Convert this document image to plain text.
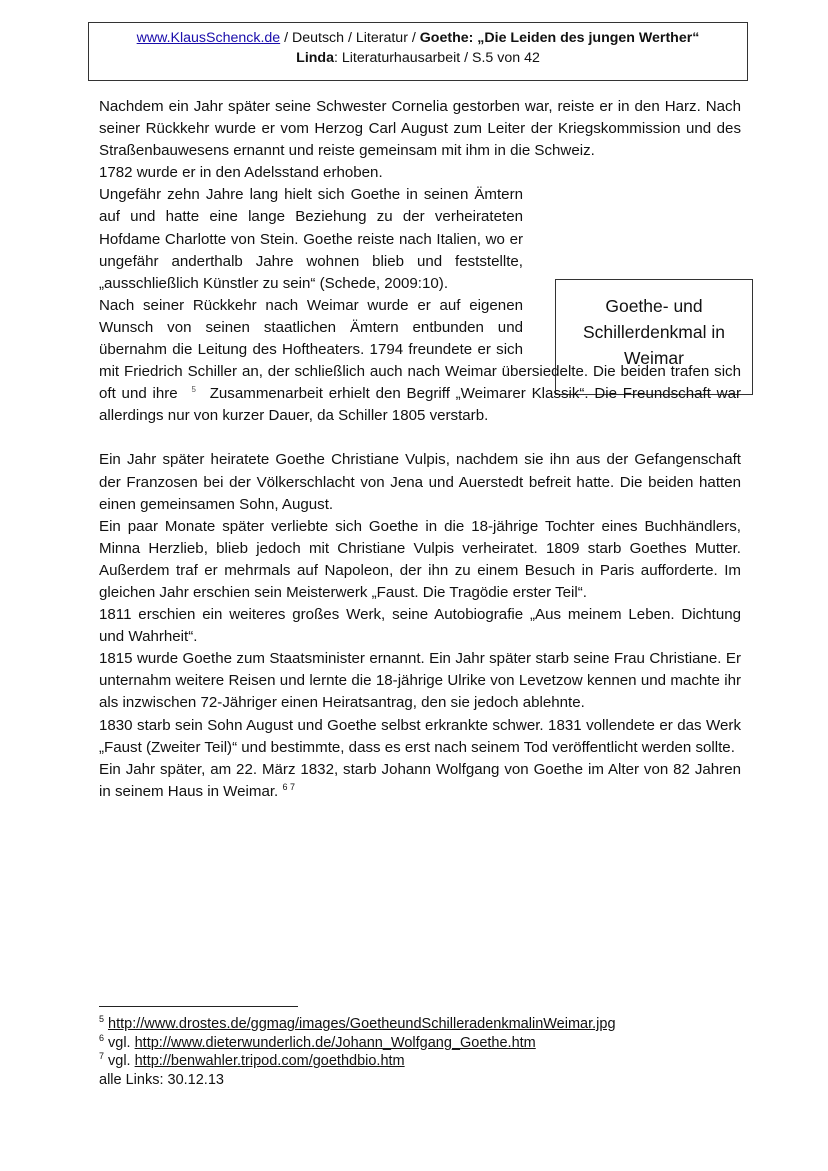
www.KlausSchenck.de / Deutsch / Literatur / Goethe: „Die Leiden des jungen Werther“
Linda: Literaturhausarbeit / S.5 von 42
Goethe- und Schillerdenkmal in Weimar

Nachdem ein Jahr später seine Schwester Cornelia gestorben war, reiste er in den Harz. Nach seiner Rückkehr wurde er vom Herzog Carl August zum Leiter der Kriegskommission und des Straßenbauwesens ernannt und reiste gemeinsam mit ihm in die Schweiz.

1782 wurde er in den Adelsstand erhoben.

Ungefähr zehn Jahre lang hielt sich Goethe in seinen Ämtern auf und hatte eine lange Beziehung zu der verheirateten Hofdame Charlotte von Stein. Goethe reiste nach Italien, wo er ungefähr anderthalb Jahre wohnen blieb und feststellte, „ausschließlich Künstler zu sein“ (Schede, 2009:10).

Nach seiner Rückkehr nach Weimar wurde er auf eigenen Wunsch von seinen staatlichen Ämtern entbunden und übernahm die Leitung des Hoftheaters. 1794 freundete er sich mit Friedrich Schiller an, der schließlich auch nach Weimar übersiedelte. Die beiden trafen sich oft und ihre $^5$ Zusammenarbeit erhielt den Begriff „Weimarer Klassik“. Die Freundschaft war allerdings nur von kurzer Dauer, da Schiller 1805 verstarb.

Ein Jahr später heiratete Goethe Christiane Vulpis, nachdem sie ihn aus der Gefangenschaft der Franzosen bei der Völkerschlacht von Jena und Auerstedt befreit hatte. Die beiden hatten einen gemeinsamen Sohn, August.

Ein paar Monate später verliebte sich Goethe in die 18-jährige Tochter eines Buchhändlers, Minna Herzlieb, blieb jedoch mit Christiane Vulpis verheiratet. 1809 starb Goethes Mutter. Außerdem traf er mehrmals auf Napoleon, der ihn zu einem Besuch in Paris aufforderte. Im gleichen Jahr erschien sein Meisterwerk „Faust. Die Tragödie erster Teil“.

1811 erschien ein weiteres großes Werk, seine Autobiografie „Aus meinem Leben. Dichtung und Wahrheit“.

1815 wurde Goethe zum Staatsminister ernannt. Ein Jahr später starb seine Frau Christiane. Er unternahm weitere Reisen und lernte die 18-jährige Ulrike von Levetzow kennen und machte ihr als inzwischen 72-Jähriger einen Heiratsantrag, den sie jedoch ablehnte.

1830 starb sein Sohn August und Goethe selbst erkrankte schwer. 1831 vollendete er das Werk „Faust (Zweiter Teil)“ und bestimmte, dass es erst nach seinem Tod veröffentlicht werden sollte.

Ein Jahr später, am 22. März 1832, starb Johann Wolfgang von Goethe im Alter von 82 Jahren in seinem Haus in Weimar. $^{6 7}$

$^5$ http://www.drostes.de/ggmag/images/GoetheundSchilleradenkmalinWeimar.jpg
$^6$ vgl. http://www.dieterwunderlich.de/Johann_Wolfgang_Goethe.htm
$^7$ vgl. http://benwahler.tripod.com/goethdbio.htm
alle Links: 30.12.13
